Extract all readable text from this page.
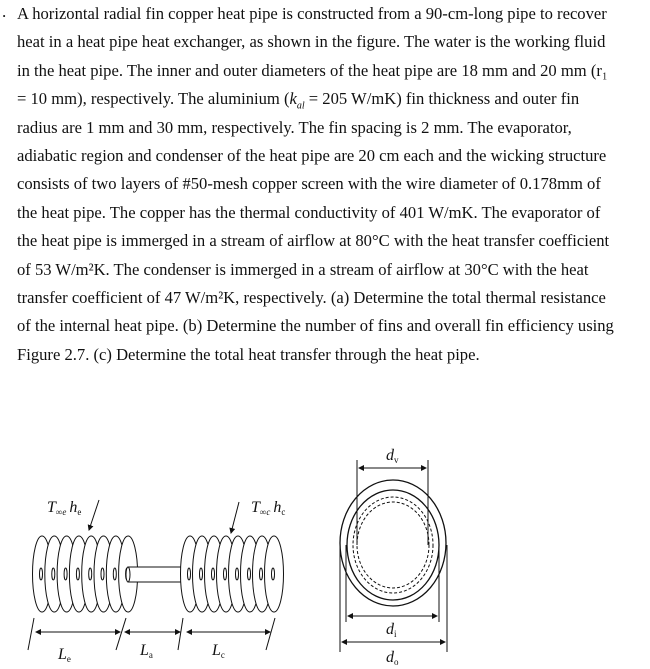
. A horizontal radial fin copper heat pipe is constructed from a 90-cm-long pipe to recover
heat in a heat pipe heat exchanger, as shown in the figure. The water is the working fluid
in the heat pipe. The inner and outer diameters of the heat pipe are 18 mm and 20 mm (r₁
= 10 mm), respectively. The aluminium ($k_{al} = 205$ W/mK) fin thickness and outer fin
radius are 1 mm and 30 mm, respectively. The fin spacing is 2 mm. The evaporator,
adiabatic region and condenser of the heat pipe are 20 cm each and the wicking structure
consists of two layers of #50-mesh copper screen with the wire diameter of 0.178mm of
the heat pipe. The copper has the thermal conductivity of 401 W/mK. The evaporator of
the heat pipe is immerged in a stream of airflow at 80°C with the heat transfer coefficient
of 53 W/m²K. The condenser is immerged in a stream of airflow at 30°C with the heat
transfer coefficient of 47 W/m²K, respectively. (a) Determine the total thermal resistance
of the internal heat pipe. (b) Determine the number of fins and overall fin efficiency using
Figure 2.7. (c) Determine the total heat transfer through the heat pipe.
T∞e he	T∞c hc
Le	La	Lc
dv
di
do
